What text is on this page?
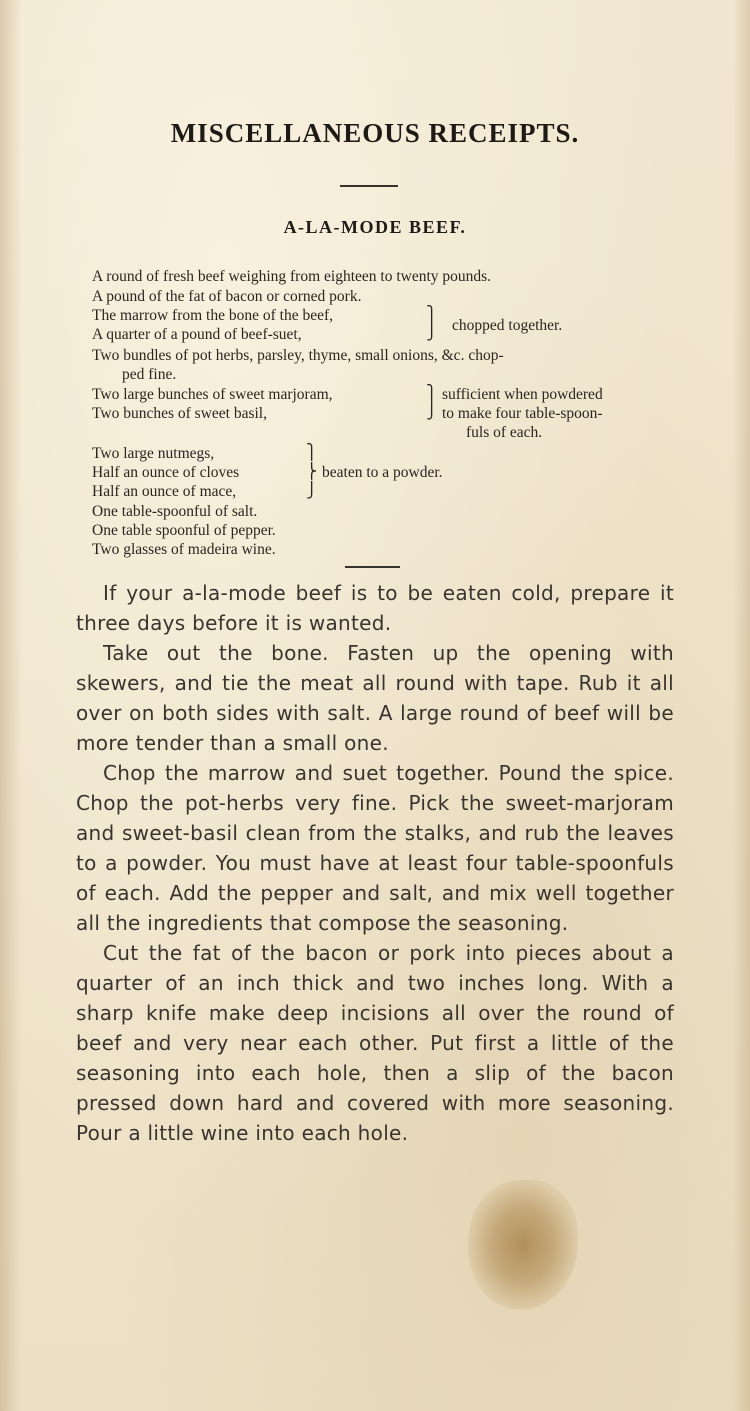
MISCELLANEOUS RECEIPTS.
A-LA-MODE BEEF.
A round of fresh beef weighing from eighteen to twenty pounds.
A pound of the fat of bacon or corned pork.
The marrow from the bone of the beef,
A quarter of a pound of beef-suet,
⎫
⎭ chopped together.
Two bundles of pot herbs, parsley, thyme, small onions, &c. chop-
ped fine.
Two large bunches of sweet marjoram,
Two bunches of sweet basil,
⎫
⎭
sufficient when powdered
to make four table-spoon-
fuls of each.
Two large nutmegs,
Half an ounce of cloves
Half an ounce of mace,
⎫
⎬
⎭
beaten to a powder.
One table-spoonful of salt.
One table spoonful of pepper.
Two glasses of madeira wine.

If your a-la-mode beef is to be eaten cold, prepare it three days before it is wanted.

Take out the bone. Fasten up the opening with skewers, and tie the meat all round with tape. Rub it all over on both sides with salt. A large round of beef will be more tender than a small one.

Chop the marrow and suet together. Pound the spice. Chop the pot-herbs very fine. Pick the sweet-marjoram and sweet-basil clean from the stalks, and rub the leaves to a powder. You must have at least four table-spoonfuls of each. Add the pepper and salt, and mix well together all the ingredients that compose the seasoning.

Cut the fat of the bacon or pork into pieces about a quarter of an inch thick and two inches long. With a sharp knife make deep incisions all over the round of beef and very near each other. Put first a little of the seasoning into each hole, then a slip of the bacon pressed down hard and covered with more seasoning. Pour a little wine into each hole.
